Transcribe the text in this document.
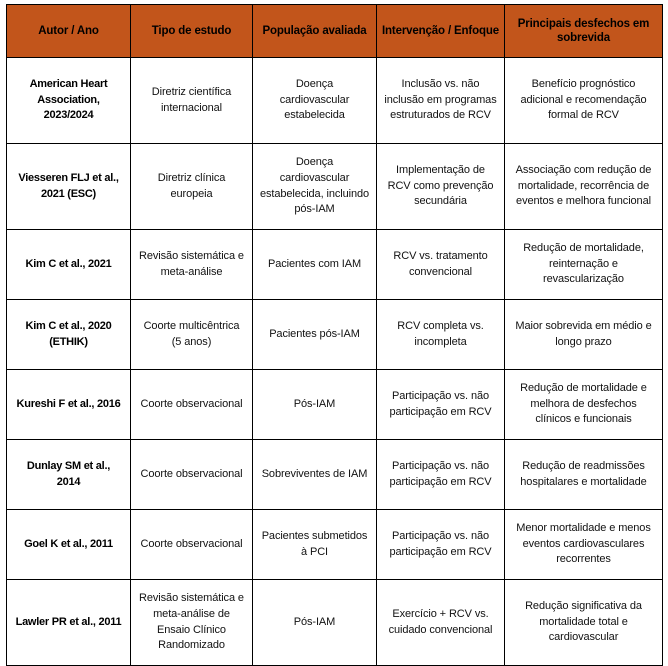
Autor / Ano	Tipo de estudo	População avaliada	Intervenção / Enfoque	Principais desfechos em sobrevida
American Heart Association, 2023/2024	Diretriz científica internacional	Doença cardiovascular estabelecida	Inclusão vs. não inclusão em programas estruturados de RCV	Benefício prognóstico adicional e recomendação formal de RCV
Viesseren FLJ et al., 2021 (ESC)	Diretriz clínica europeia	Doença cardiovascular estabelecida, incluindo pós-IAM	Implementação de RCV como prevenção secundária	Associação com redução de mortalidade, recorrência de eventos e melhora funcional
Kim C et al., 2021	Revisão sistemática e meta-análise	Pacientes com IAM	RCV vs. tratamento convencional	Redução de mortalidade, reinternação e revascularização
Kim C et al., 2020 (ETHIK)	Coorte multicêntrica (5 anos)	Pacientes pós-IAM	RCV completa vs. incompleta	Maior sobrevida em médio e longo prazo
Kureshi F et al., 2016	Coorte observacional	Pós-IAM	Participação vs. não participação em RCV	Redução de mortalidade e melhora de desfechos clínicos e funcionais
Dunlay SM et al., 2014	Coorte observacional	Sobreviventes de IAM	Participação vs. não participação em RCV	Redução de readmissões hospitalares e mortalidade
Goel K et al., 2011	Coorte observacional	Pacientes submetidos à PCI	Participação vs. não participação em RCV	Menor mortalidade e menos eventos cardiovasculares recorrentes
Lawler PR et al., 2011	Revisão sistemática e meta-análise de Ensaio Clínico Randomizado	Pós-IAM	Exercício + RCV vs. cuidado convencional	Redução significativa da mortalidade total e cardiovascular
